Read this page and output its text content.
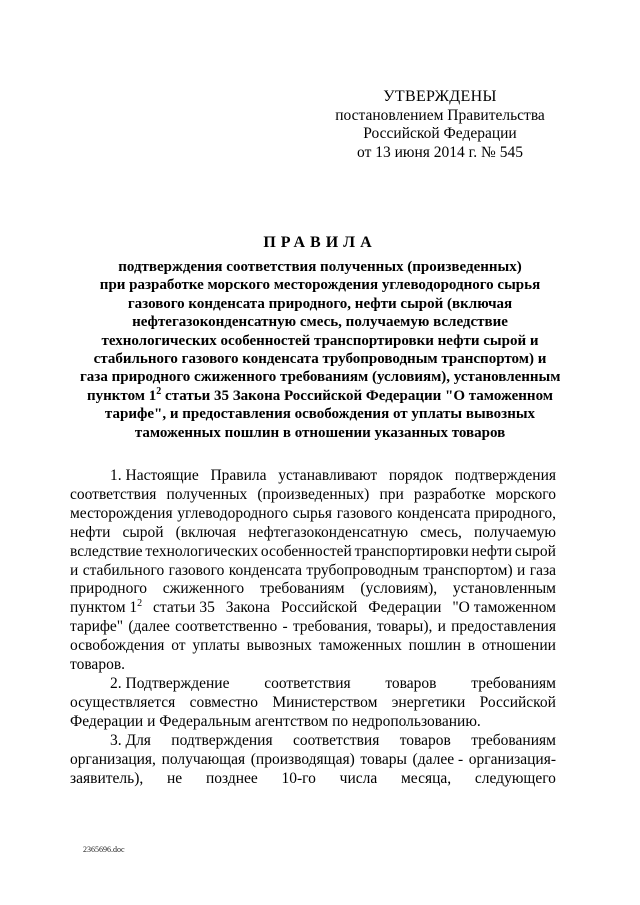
УТВЕРЖДЕНЫ
постановлением Правительства
Российской Федерации
от 13 июня 2014 г. № 545
ПРАВИЛА
подтверждения соответствия полученных (произведенных)
при разработке морского месторождения углеводородного сырья
газового конденсата природного, нефти сырой (включая
нефтегазоконденсатную смесь, получаемую вследствие
технологических особенностей транспортировки нефти сырой и
стабильного газового конденсата трубопроводным транспортом) и
газа природного сжиженного требованиям (условиям), установленным
пунктом $1^2$ статьи 35 Закона Российской Федерации "О таможенном
тарифе", и предоставления освобождения от уплаты вывозных
таможенных пошлин в отношении указанных товаров
1. Настоящие Правила устанавливают порядок подтверждения
соответствия полученных (произведенных) при разработке морского
месторождения углеводородного сырья газового конденсата природного,
нефти сырой (включая нефтегазоконденсатную смесь, получаемую
вследствие технологических особенностей транспортировки нефти сырой
и стабильного газового конденсата трубопроводным транспортом) и газа
природного сжиженного требованиям (условиям), установленным
пунктом $1^2$ статьи 35 Закона Российской Федерации "О таможенном
тарифе" (далее соответственно - требования, товары), и предоставления
освобождения от уплаты вывозных таможенных пошлин в отношении
товаров.
2. Подтверждение соответствия товаров требованиям
осуществляется совместно Министерством энергетики Российской
Федерации и Федеральным агентством по недропользованию.
3. Для подтверждения соответствия товаров требованиям
организация, получающая (производящая) товары (далее - организация-
заявитель), не позднее 10-го числа месяца, следующего
2365696.doc
